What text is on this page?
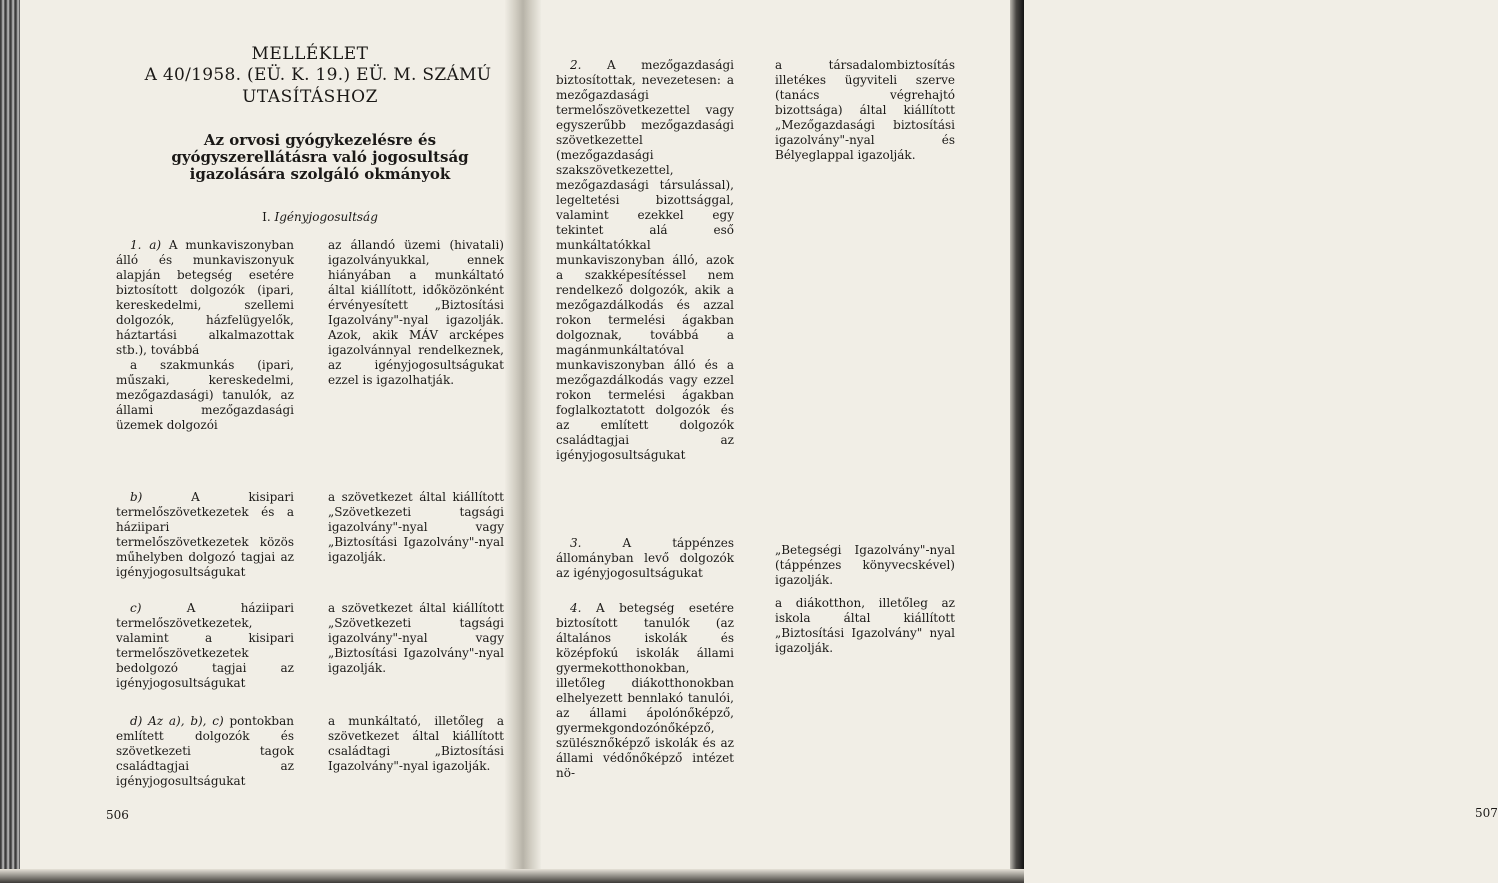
MELLÉKLET
A 40/1958. (EÜ. K. 19.) EÜ. M. SZÁMÚ
UTASÍTÁSHOZ
Az orvosi gyógykezelésre és gyógyszerellátásra való jogosultság igazolására szolgáló okmányok
I. Igényjogosultság

1. a) A munkaviszonyban álló és munkaviszonyuk alapján betegség esetére biztosított dolgozók (ipari, kereskedelmi, szellemi dolgozók, házfelügyelők, háztartási alkalmazottak stb.), továbbá

a szakmunkás (ipari, műszaki, kereskedelmi, mezőgazdasági) tanulók, az állami mezőgazdasági üzemek dolgozói

az állandó üzemi (hivatali) igazolványukkal, ennek hiányában a munkáltató által kiállított, időközönként érvényesített „Biztosítási Igazolvány"-nyal igazolják. Azok, akik MÁV arcképes igazolvánnyal rendelkeznek, az igényjogosultságukat ezzel is igazolhatják.

b)	A kisipari termelőszövetkezetek és a háziipari termelőszövetkezetek közös műhelyben dolgozó tagjai az igényjogosultságukat

a szövetkezet által kiállított „Szövetkezeti tagsági igazolvány"-nyal vagy „Biztosítási Igazolvány"-nyal igazolják.

c)	A háziipari termelőszövetkezetek, valamint a kisipari termelőszövetkezetek bedolgozó tagjai az igényjogosultságukat

a szövetkezet által kiállított „Szövetkezeti tagsági igazolvány"-nyal vagy „Biztosítási Igazolvány"-nyal igazolják.

d) Az a), b), c) pontokban említett dolgozók és szövetkezeti tagok családtagjai az igényjogosultságukat

a munkáltató, illetőleg a szövetkezet által kiállított családtagi „Biztosítási Igazolvány"-nyal igazolják.
506

2. A mezőgazdasági biztosítottak, nevezetesen: a mezőgazdasági termelőszövetkezettel vagy egyszerűbb mezőgazdasági szövetkezettel (mezőgazdasági szakszövetkezettel, mezőgazdasági társulással), legeltetési bizottsággal, valamint ezekkel egy tekintet alá eső munkáltatókkal munkaviszonyban álló, azok a szakképesítéssel nem rendelkező dolgozók, akik a mezőgazdálkodás és azzal rokon termelési ágakban dolgoznak, továbbá a magánmunkáltatóval munkaviszonyban álló és a mezőgazdálkodás vagy ezzel rokon termelési ágakban foglalkoztatott dolgozók és az említett dolgozók családtagjai az igényjogosultságukat

a társadalombiztosítás illetékes ügyviteli szerve (tanács végrehajtó bizottsága) által kiállított „Mezőgazdasági biztosítási igazolvány"-nyal és Bélyeglappal igazolják.

3.	A táppénzes állományban levő dolgozók az igényjogosultságukat

„Betegségi Igazolvány"-nyal (táppénzes könyvecskével) igazolják.

4. A betegség esetére biztosított tanulók (az általános iskolák és középfokú iskolák állami gyermekotthonokban, illetőleg diákotthonokban elhelyezett bennlakó tanulói, az állami ápolónőképző, gyermekgondozónőképző, szülésznőképző iskolák és az állami védőnőképző intézet nö-

a diákotthon, illetőleg az iskola által kiállított „Biztosítási Igazolvány" nyal igazolják.
507
